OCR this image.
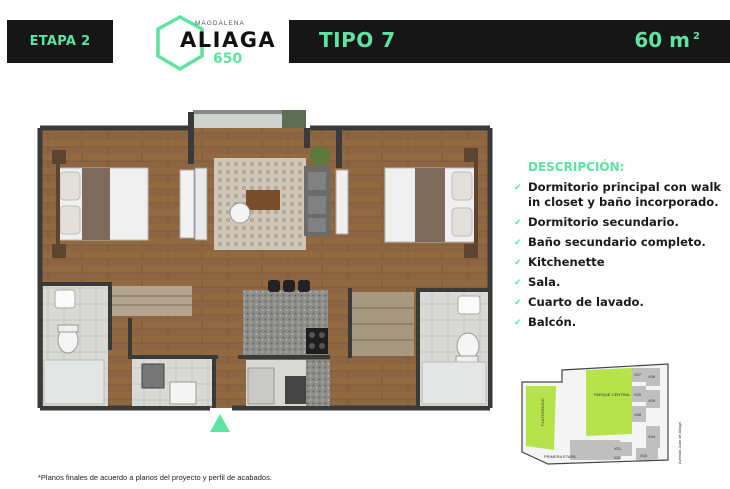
ETAPA 2
MAGDALENA
ALIAGA
650
TIPO 7	60 m $^2$
DESCRIPCIÓN:
✔ Dormitorio principal con walk in closet y baño incorporado.
✔ Dormitorio secundario.
✔ Baño secundario completo.
✔ Kitchenette
✔ Sala.
✔ Cuarto de lavado.
✔ Balcón.
PLAYGROUND
PARQUE CENTRAL
PRIMERA ETAPA	Avenida Juan de Aliaga
X07 X06
X05
X09
X04
X08
X01
X02	X03
*Planos finales de acuerdo a planos del proyecto y perfil de acabados.
